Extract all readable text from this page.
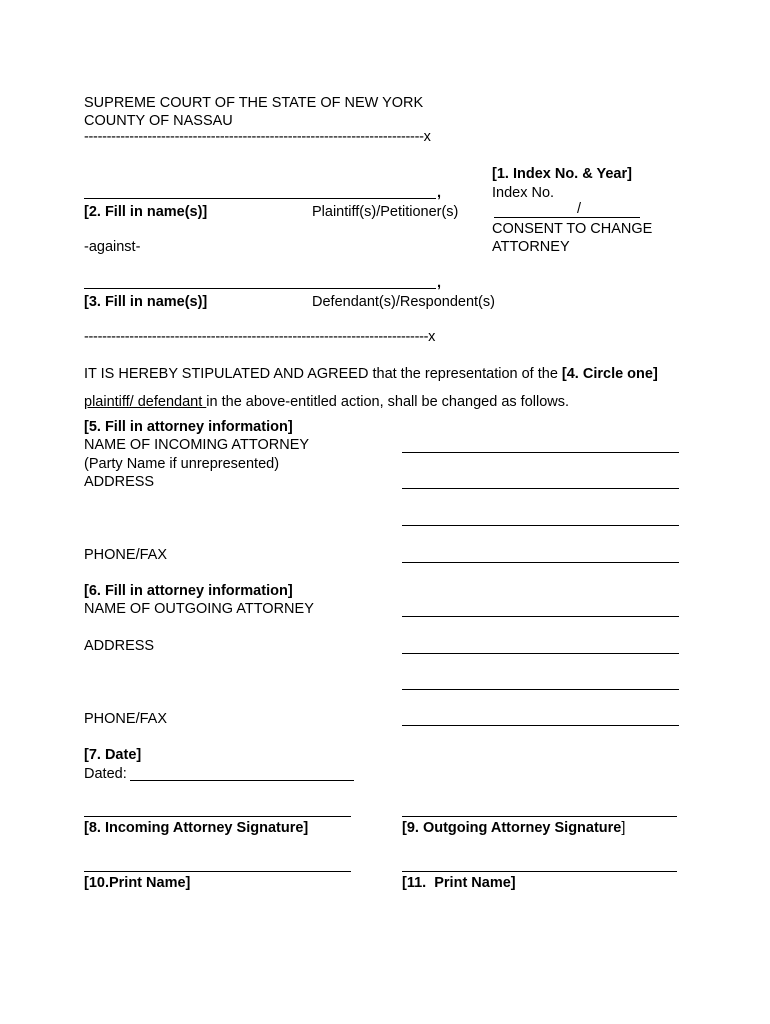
SUPREME COURT OF THE STATE OF NEW YORK
COUNTY OF NASSAU
---------------------------------------------------------------------------x
[1. Index No. & Year]
Index No.
/
CONSENT TO CHANGE
ATTORNEY
,
[2. Fill in name(s)]	Plaintiff(s)/Petitioner(s)
-against-
,
[3. Fill in name(s)]	Defendant(s)/Respondent(s)
----------------------------------------------------------------------------x
IT IS HEREBY STIPULATED AND AGREED that the representation of the [4. Circle one]
plaintiff/ defendant in the above-entitled action, shall be changed as follows.
[5. Fill in attorney information]
NAME OF INCOMING ATTORNEY
(Party Name if unrepresented)
ADDRESS
PHONE/FAX
[6. Fill in attorney information]
NAME OF OUTGOING ATTORNEY
ADDRESS
PHONE/FAX
[7. Date]
Dated:
[8. Incoming Attorney Signature]	[9. Outgoing Attorney Signature]
[10.Print Name]	[11.  Print Name]
